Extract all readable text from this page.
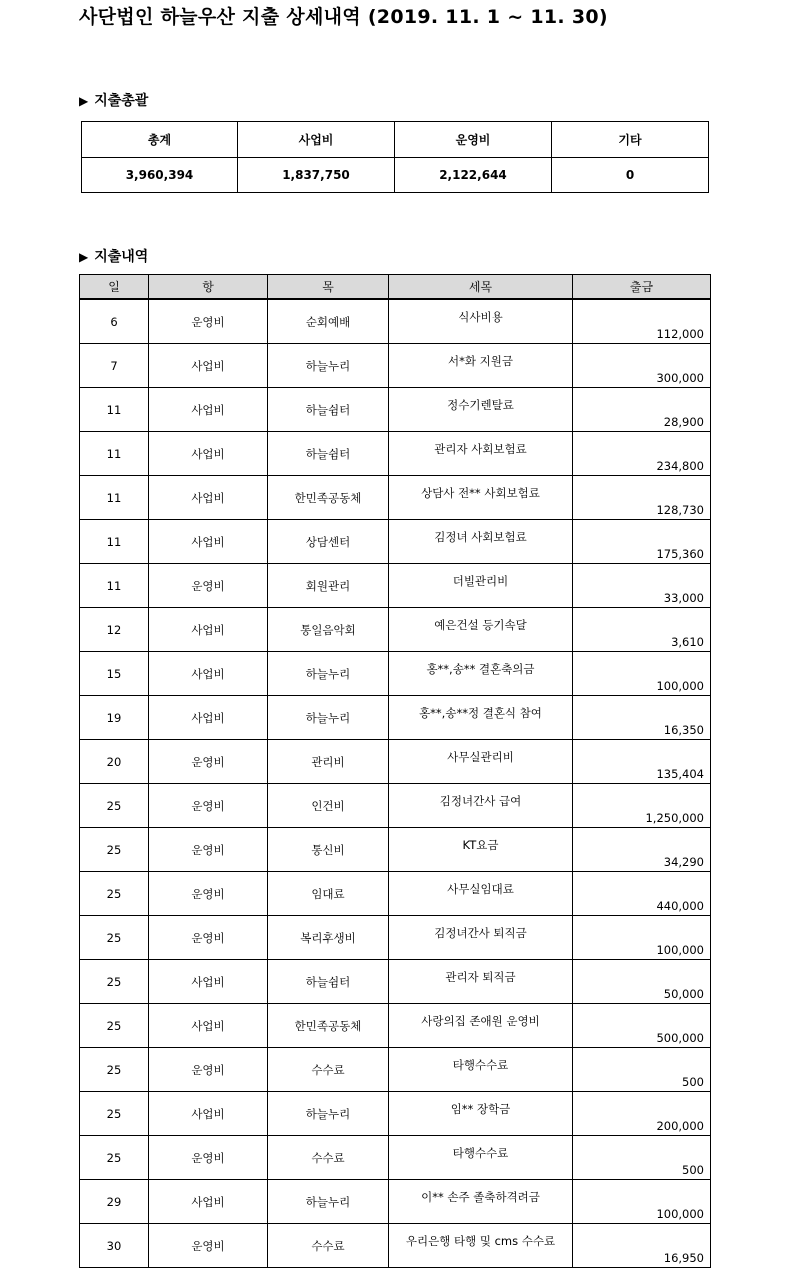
사단법인 하늘우산 지출 상세내역 (2019. 11. 1 ~ 11. 30)
▶ 지출총괄
총계	사업비	운영비	기타
3,960,394	1,837,750	2,122,644	0
▶ 지출내역
일	항	목	세목	출금
6	운영비	순회예배	식사비용	112,000
7	사업비	하늘누리	서*화 지원금	300,000
11	사업비	하늘쉼터	정수기렌탈료	28,900
11	사업비	하늘쉼터	관리자 사회보험료	234,800
11	사업비	한민족공동체	상담사 전** 사회보험료	128,730
11	사업비	상담센터	김정녀 사회보험료	175,360
11	운영비	회원관리	더빌관리비	33,000
12	사업비	통일음악회	예은건설 등기속달	3,610
15	사업비	하늘누리	홍**,송** 결혼축의금	100,000
19	사업비	하늘누리	홍**,송**정 결혼식 참여	16,350
20	운영비	관리비	사무실관리비	135,404
25	운영비	인건비	김정녀간사 급여	1,250,000
25	운영비	통신비	KT요금	34,290
25	운영비	임대료	사무실임대료	440,000
25	운영비	복리후생비	김정녀간사 퇴직금	100,000
25	사업비	하늘쉼터	관리자 퇴직금	50,000
25	사업비	한민족공동체	사랑의집 존애원 운영비	500,000
25	운영비	수수료	타행수수료	500
25	사업비	하늘누리	임** 장학금	200,000
25	운영비	수수료	타행수수료	500
29	사업비	하늘누리	이** 손주 졸축하격려금	100,000
30	운영비	수수료	우리은행 타행 및 cms 수수료	16,950
